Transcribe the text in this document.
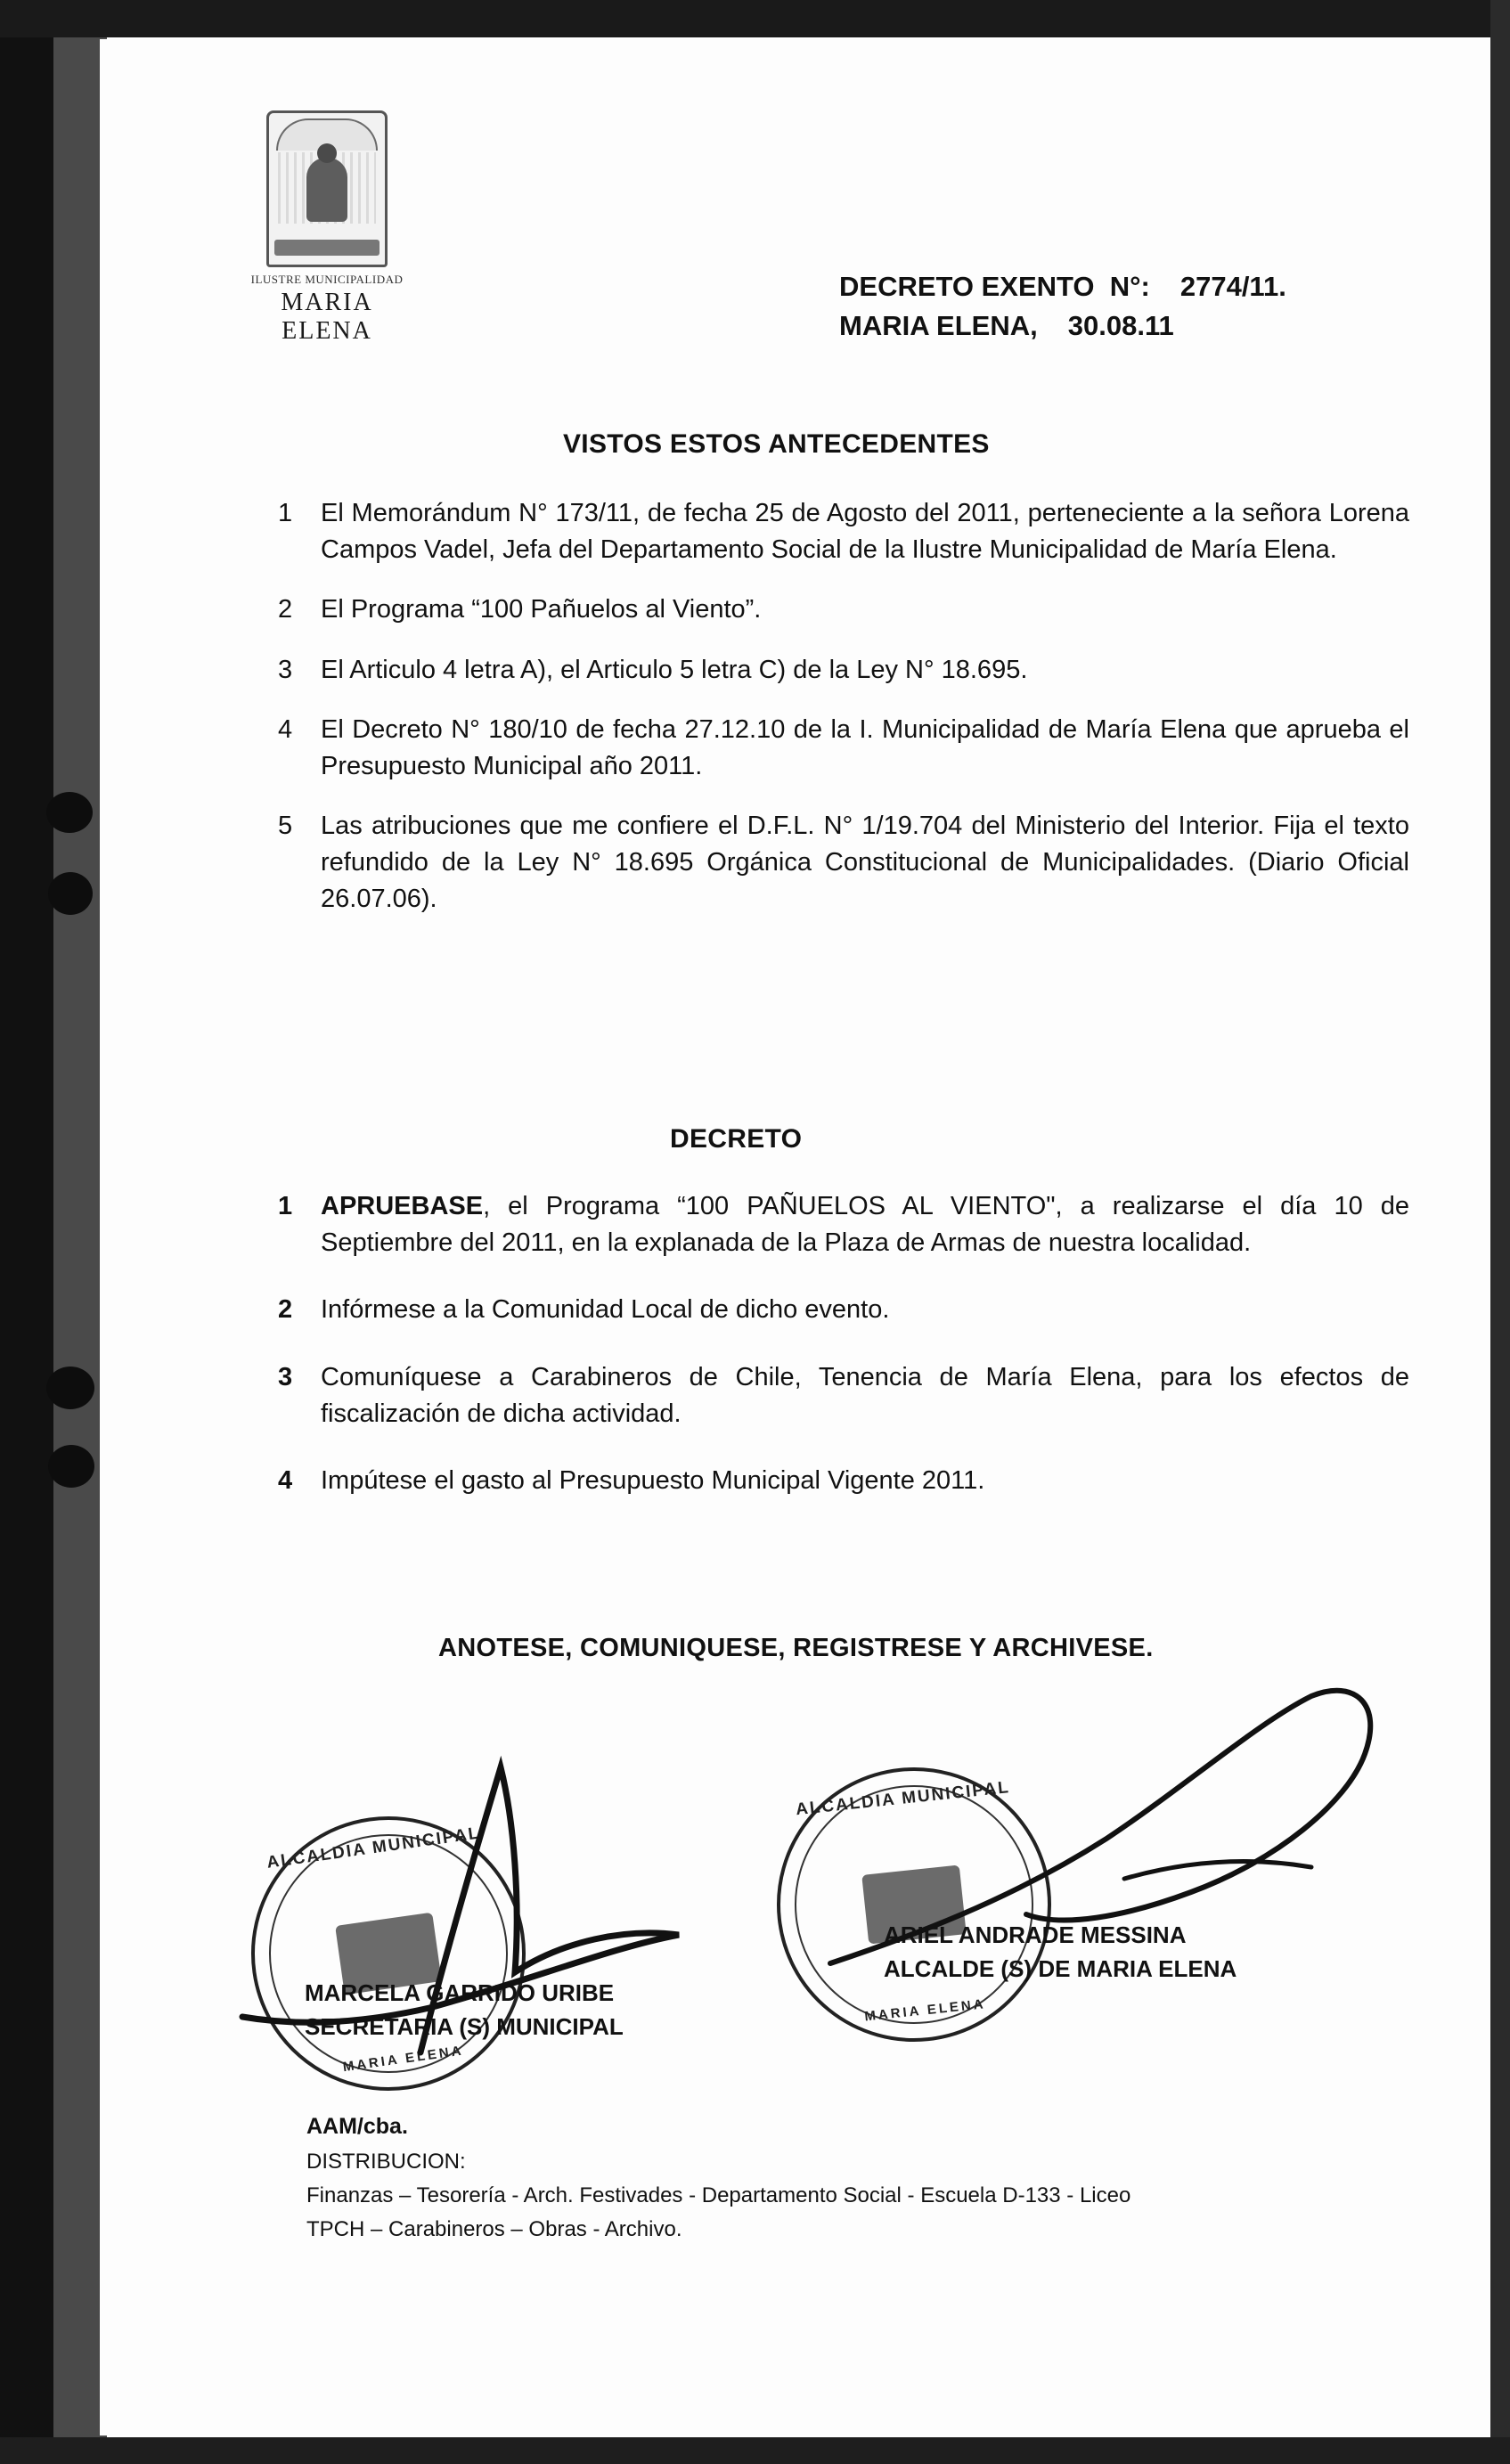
ILUSTRE MUNICIPALIDAD
MARIA ELENA
DECRETO EXENTO  N°: 2774/11.
MARIA ELENA, 30.08.11
VISTOS ESTOS ANTECEDENTES
1	El Memorándum N° 173/11, de fecha 25 de Agosto del 2011, perteneciente a la señora Lorena Campos Vadel, Jefa del Departamento Social de la Ilustre Municipalidad de María Elena.
2	El Programa “100 Pañuelos al Viento”.
3	El Articulo 4 letra A), el Articulo 5 letra C) de la Ley N° 18.695.
4	El Decreto N° 180/10 de fecha 27.12.10 de la I. Municipalidad de María Elena que aprueba el Presupuesto Municipal año 2011.
5	Las atribuciones que me confiere el D.F.L. N° 1/19.704 del Ministerio del Interior. Fija el texto refundido de la Ley N° 18.695 Orgánica Constitucional de Municipalidades. (Diario Oficial 26.07.06).
DECRETO
1	APRUEBASE, el Programa “100 PAÑUELOS AL VIENTO", a realizarse el día 10 de Septiembre del 2011, en la explanada de la Plaza de Armas de nuestra localidad.
2	Infórmese a la Comunidad Local de dicho evento.
3	Comuníquese a Carabineros de Chile, Tenencia de María Elena, para los efectos de fiscalización de dicha actividad.
4	Impútese el gasto al Presupuesto Municipal Vigente 2011.
ANOTESE, COMUNIQUESE, REGISTRESE Y ARCHIVESE.
ALCALDIA MUNICIPAL
MARIA ELENA
ALCALDIA MUNICIPAL
MARIA ELENA
MARCELA GARRIDO URIBE
SECRETARIA (S) MUNICIPAL
ARIEL ANDRADE MESSINA
ALCALDE (S) DE MARIA ELENA
AAM/cba.
DISTRIBUCION:
Finanzas – Tesorería - Arch. Festivades - Departamento Social - Escuela D-133 - Liceo
TPCH – Carabineros – Obras - Archivo.
